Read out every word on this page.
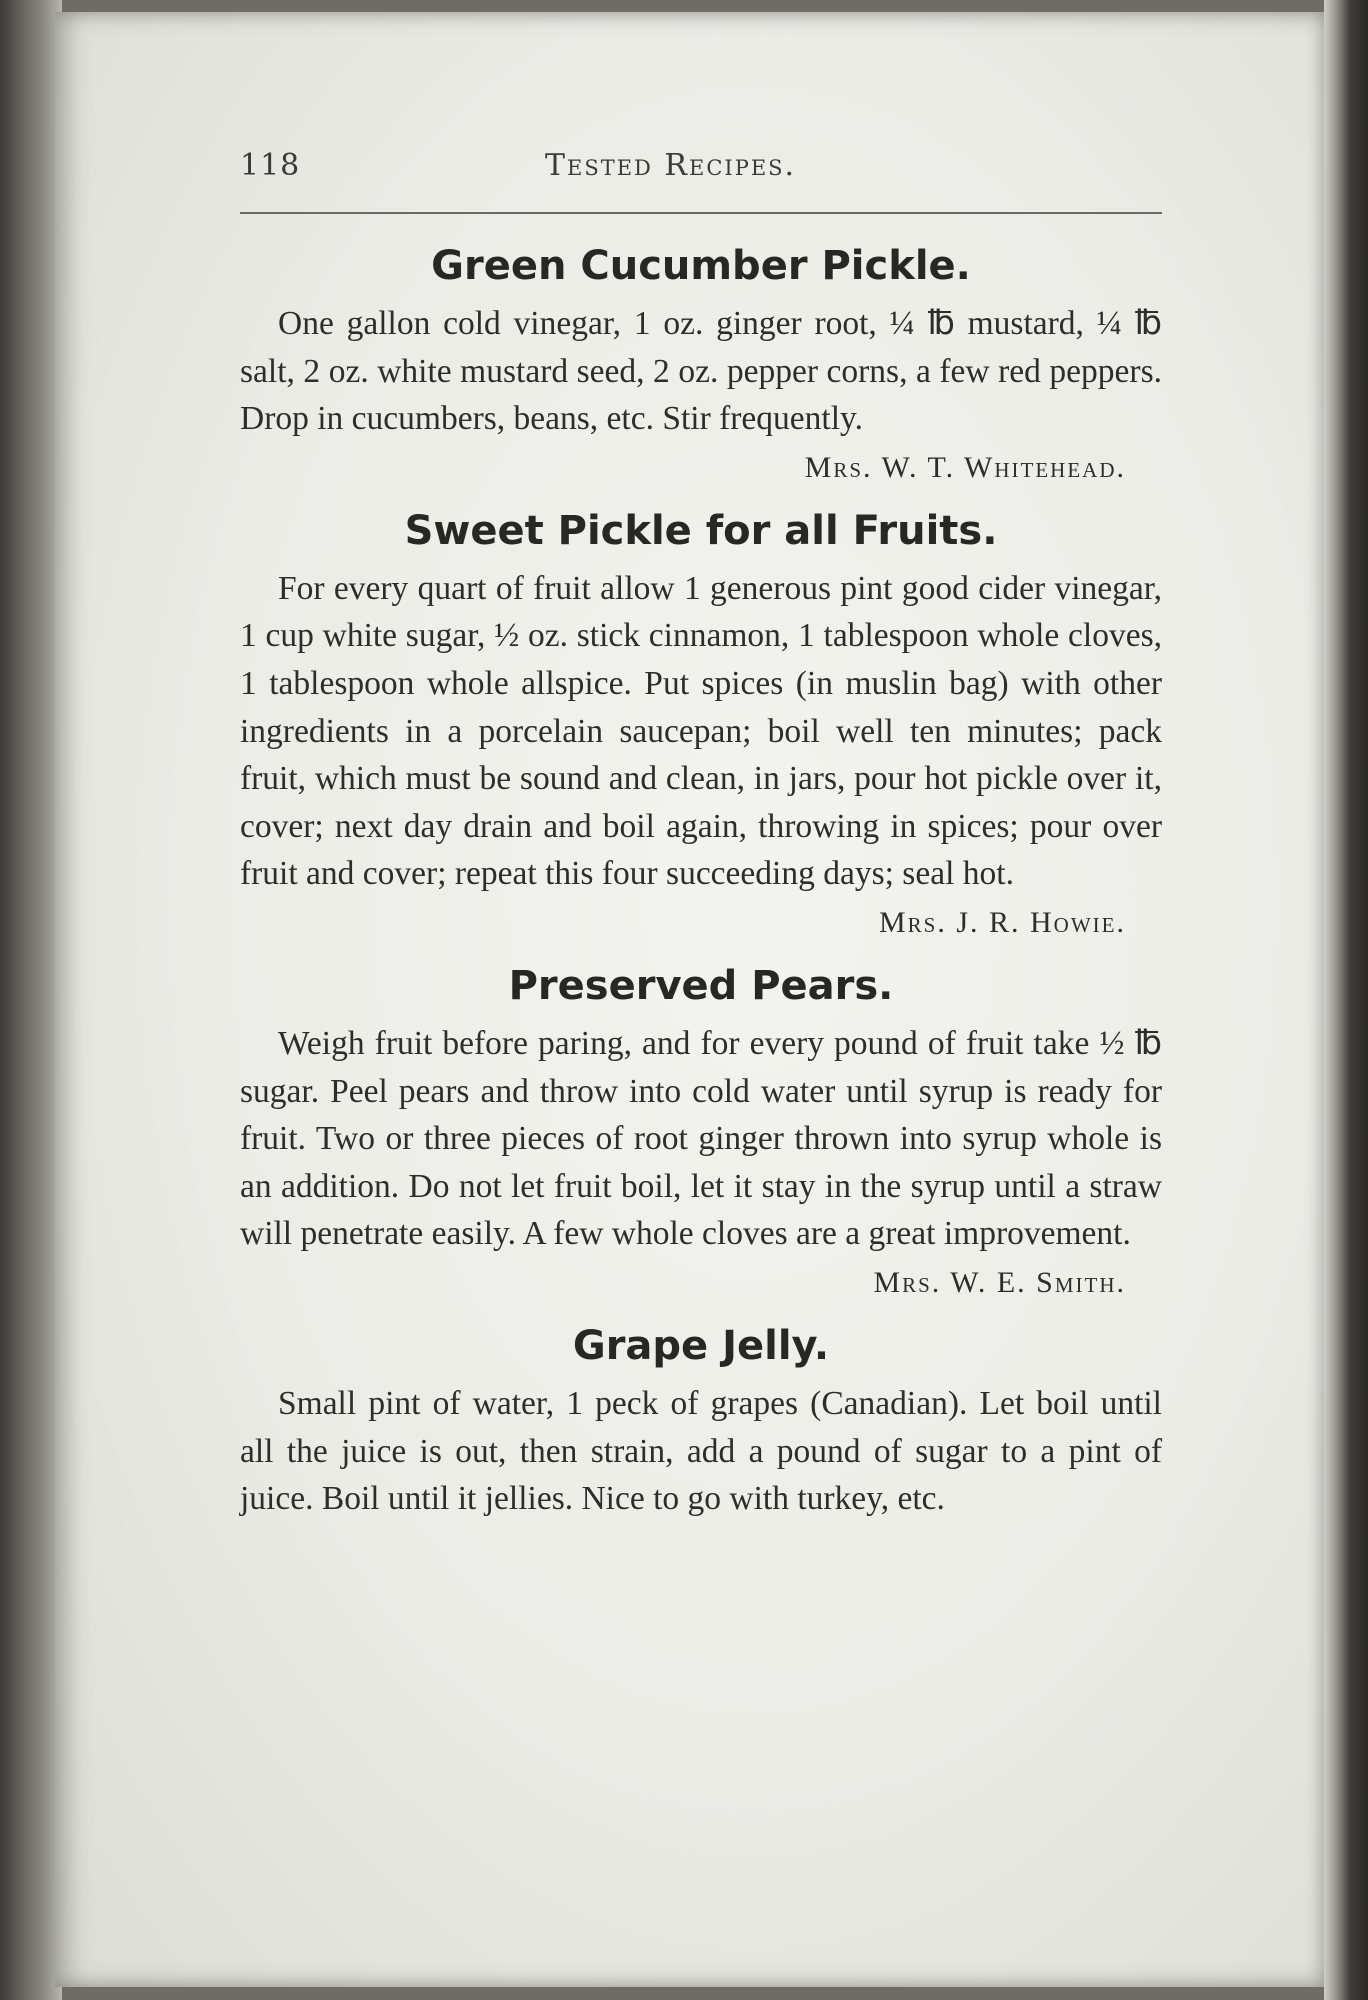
118	Tested Recipes.
Green Cucumber Pickle.

One gallon cold vinegar, 1 oz. ginger root, ¼ ℔ mustard, ¼ ℔ salt, 2 oz. white mustard seed, 2 oz. pepper corns, a few red peppers. Drop in cucumbers, beans, etc. Stir frequently.

Mrs. W. T. Whitehead.
Sweet Pickle for all Fruits.

For every quart of fruit allow 1 generous pint good cider vinegar, 1 cup white sugar, ½ oz. stick cinnamon, 1 tablespoon whole cloves, 1 tablespoon whole allspice. Put spices (in muslin bag) with other ingredients in a porcelain saucepan; boil well ten minutes; pack fruit, which must be sound and clean, in jars, pour hot pickle over it, cover; next day drain and boil again, throwing in spices; pour over fruit and cover; repeat this four succeeding days; seal hot.

Mrs. J. R. Howie.
Preserved Pears.

Weigh fruit before paring, and for every pound of fruit take ½ ℔ sugar. Peel pears and throw into cold water until syrup is ready for fruit. Two or three pieces of root ginger thrown into syrup whole is an addition. Do not let fruit boil, let it stay in the syrup until a straw will penetrate easily. A few whole cloves are a great improvement.

Mrs. W. E. Smith.
Grape Jelly.

Small pint of water, 1 peck of grapes (Canadian). Let boil until all the juice is out, then strain, add a pound of sugar to a pint of juice. Boil until it jellies. Nice to go with turkey, etc.
